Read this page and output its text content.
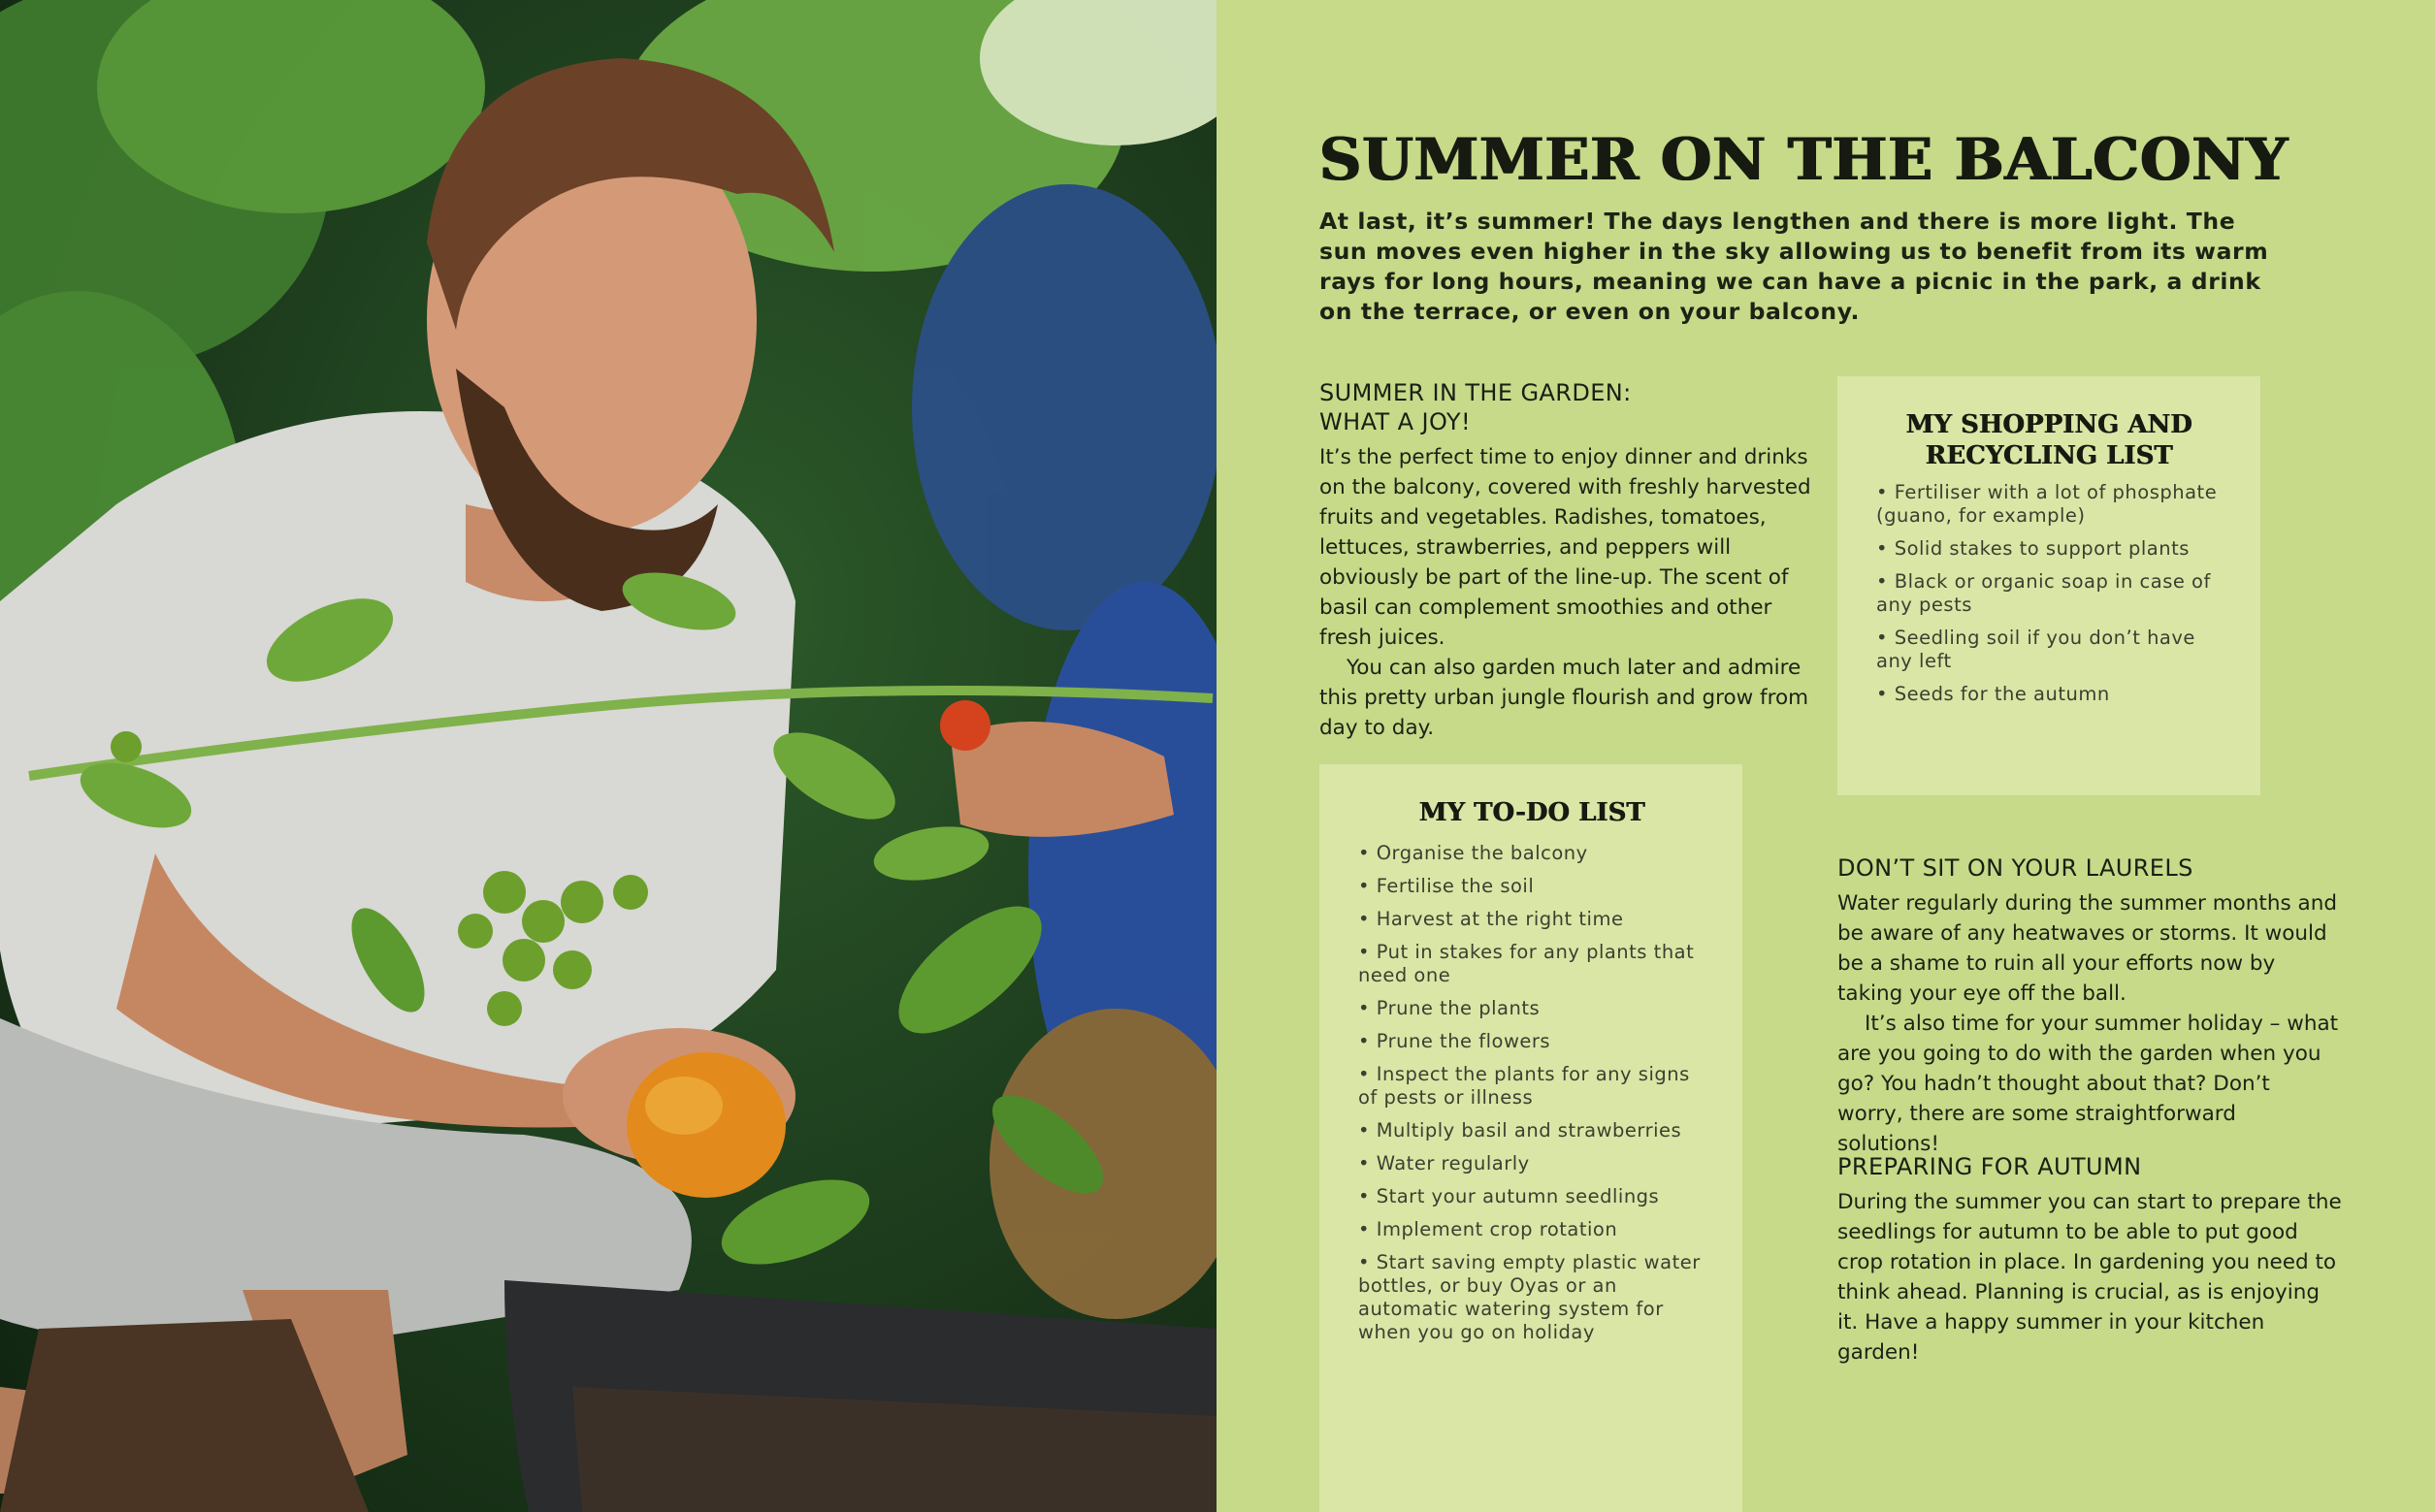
SUMMER ON THE BALCONY

At last, it’s summer! The days lengthen and there is more light. The sun moves even higher in the sky allowing us to benefit from its warm rays for long hours, meaning we can have a picnic in the park, a drink on the terrace, or even on your balcony.

SUMMER IN THE GARDEN:

WHAT A JOY!

It’s the perfect time to enjoy dinner and drinks on the balcony, covered with freshly harvested fruits and vegetables. Radishes, tomatoes, lettuces, strawberries, and peppers will obviously be part of the line-up. The scent of basil can complement smoothies and other fresh juices.

You can also garden much later and admire this pretty urban jungle flourish and grow from day to day.

MY SHOPPING AND

RECYCLING LIST

• Fertiliser with a lot of phosphate (guano, for example)
• Solid stakes to support plants
• Black or organic soap in case of any pests
• Seedling soil if you don’t have any left
• Seeds for the autumn

MY TO-DO LIST

• Organise the balcony
• Fertilise the soil
• Harvest at the right time
• Put in stakes for any plants that need one
• Prune the plants
• Prune the flowers
• Inspect the plants for any signs of pests or illness
• Multiply basil and strawberries
• Water regularly
• Start your autumn seedlings
• Implement crop rotation
• Start saving empty plastic water bottles, or buy Oyas or an automatic watering system for when you go on holiday

DON’T SIT ON YOUR LAURELS

Water regularly during the summer months and be aware of any heatwaves or storms. It would be a shame to ruin all your efforts now by taking your eye off the ball.

It’s also time for your summer holiday – what are you going to do with the garden when you go? You hadn’t thought about that? Don’t worry, there are some straightforward solutions!

PREPARING FOR AUTUMN

During the summer you can start to prepare the seedlings for autumn to be able to put good crop rotation in place. In gardening you need to think ahead. Planning is crucial, as is enjoying it. Have a happy summer in your kitchen garden!
